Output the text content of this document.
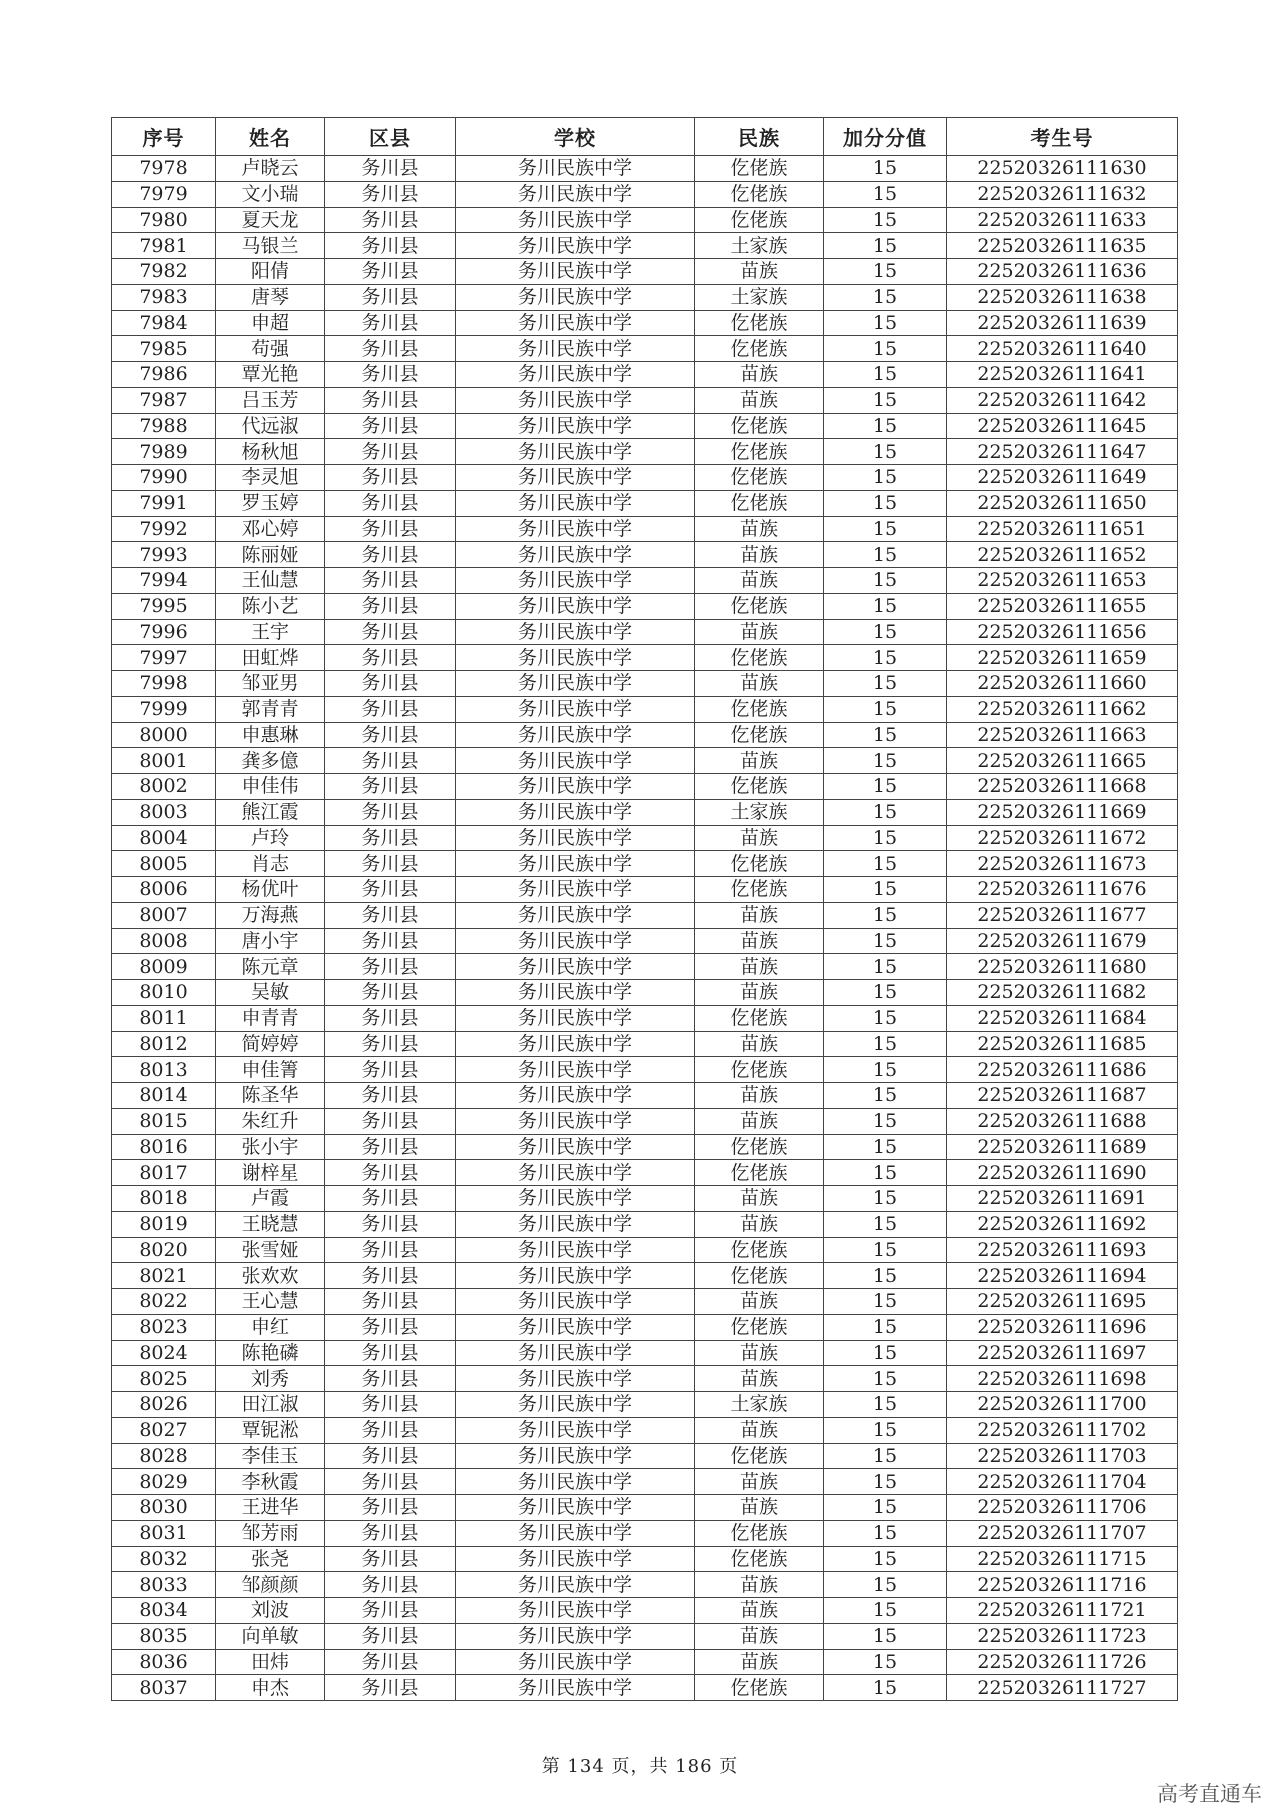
序号	姓名	区县	学校	民族	加分分值	考生号
7978	卢晓云	务川县	务川民族中学	仡佬族	15	22520326111630
7979	文小瑞	务川县	务川民族中学	仡佬族	15	22520326111632
7980	夏天龙	务川县	务川民族中学	仡佬族	15	22520326111633
7981	马银兰	务川县	务川民族中学	土家族	15	22520326111635
7982	阳倩	务川县	务川民族中学	苗族	15	22520326111636
7983	唐琴	务川县	务川民族中学	土家族	15	22520326111638
7984	申超	务川县	务川民族中学	仡佬族	15	22520326111639
7985	苟强	务川县	务川民族中学	仡佬族	15	22520326111640
7986	覃光艳	务川县	务川民族中学	苗族	15	22520326111641
7987	吕玉芳	务川县	务川民族中学	苗族	15	22520326111642
7988	代远淑	务川县	务川民族中学	仡佬族	15	22520326111645
7989	杨秋旭	务川县	务川民族中学	仡佬族	15	22520326111647
7990	李灵旭	务川县	务川民族中学	仡佬族	15	22520326111649
7991	罗玉婷	务川县	务川民族中学	仡佬族	15	22520326111650
7992	邓心婷	务川县	务川民族中学	苗族	15	22520326111651
7993	陈丽娅	务川县	务川民族中学	苗族	15	22520326111652
7994	王仙慧	务川县	务川民族中学	苗族	15	22520326111653
7995	陈小艺	务川县	务川民族中学	仡佬族	15	22520326111655
7996	王宇	务川县	务川民族中学	苗族	15	22520326111656
7997	田虹烨	务川县	务川民族中学	仡佬族	15	22520326111659
7998	邹亚男	务川县	务川民族中学	苗族	15	22520326111660
7999	郭青青	务川县	务川民族中学	仡佬族	15	22520326111662
8000	申惠琳	务川县	务川民族中学	仡佬族	15	22520326111663
8001	龚多億	务川县	务川民族中学	苗族	15	22520326111665
8002	申佳伟	务川县	务川民族中学	仡佬族	15	22520326111668
8003	熊江霞	务川县	务川民族中学	土家族	15	22520326111669
8004	卢玲	务川县	务川民族中学	苗族	15	22520326111672
8005	肖志	务川县	务川民族中学	仡佬族	15	22520326111673
8006	杨优叶	务川县	务川民族中学	仡佬族	15	22520326111676
8007	万海燕	务川县	务川民族中学	苗族	15	22520326111677
8008	唐小宇	务川县	务川民族中学	苗族	15	22520326111679
8009	陈元章	务川县	务川民族中学	苗族	15	22520326111680
8010	吴敏	务川县	务川民族中学	苗族	15	22520326111682
8011	申青青	务川县	务川民族中学	仡佬族	15	22520326111684
8012	简婷婷	务川县	务川民族中学	苗族	15	22520326111685
8013	申佳箐	务川县	务川民族中学	仡佬族	15	22520326111686
8014	陈圣华	务川县	务川民族中学	苗族	15	22520326111687
8015	朱红升	务川县	务川民族中学	苗族	15	22520326111688
8016	张小宇	务川县	务川民族中学	仡佬族	15	22520326111689
8017	谢梓星	务川县	务川民族中学	仡佬族	15	22520326111690
8018	卢霞	务川县	务川民族中学	苗族	15	22520326111691
8019	王晓慧	务川县	务川民族中学	苗族	15	22520326111692
8020	张雪娅	务川县	务川民族中学	仡佬族	15	22520326111693
8021	张欢欢	务川县	务川民族中学	仡佬族	15	22520326111694
8022	王心慧	务川县	务川民族中学	苗族	15	22520326111695
8023	申红	务川县	务川民族中学	仡佬族	15	22520326111696
8024	陈艳磷	务川县	务川民族中学	苗族	15	22520326111697
8025	刘秀	务川县	务川民族中学	苗族	15	22520326111698
8026	田江淑	务川县	务川民族中学	土家族	15	22520326111700
8027	覃铌淞	务川县	务川民族中学	苗族	15	22520326111702
8028	李佳玉	务川县	务川民族中学	仡佬族	15	22520326111703
8029	李秋霞	务川县	务川民族中学	苗族	15	22520326111704
8030	王进华	务川县	务川民族中学	苗族	15	22520326111706
8031	邹芳雨	务川县	务川民族中学	仡佬族	15	22520326111707
8032	张尧	务川县	务川民族中学	仡佬族	15	22520326111715
8033	邹颜颜	务川县	务川民族中学	苗族	15	22520326111716
8034	刘波	务川县	务川民族中学	苗族	15	22520326111721
8035	向单敏	务川县	务川民族中学	苗族	15	22520326111723
8036	田炜	务川县	务川民族中学	苗族	15	22520326111726
8037	申杰	务川县	务川民族中学	仡佬族	15	22520326111727
第 134 页，共 186 页
高考直通车
